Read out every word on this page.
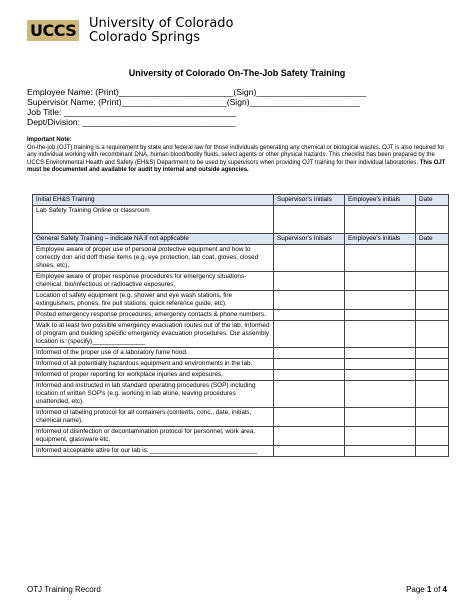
UCCS University of Colorado
Colorado Springs
University of Colorado On-The-Job Safety Training
Employee Name: (Print)________________________(Sign)_______________________
Supervisor Name: (Print)______________________(Sign)_______________________
Job Title: ____________________________________
Dept/Division: ________________________________
Important Note:
On-the-job (OJT) training is a requirement by state and federal law for those individuals generating any chemical or biological wastes. OJT is also required for any individual working with recombinant DNA, human blood/bodily fluids, select agents or other physical hazards. This checklist has been prepared by the UCCS Environmental Health and Safety (EH&S) Department to be used by supervisors when providing OJT training for their individual laboratories. This OJT must be documented and available for audit by internal and outside agencies.
Initial EH&S Training	Supervisor's Initials	Employee's initials	Date
Lab Safety Training Online or classroom			
General Safety Training – indicate NA if not applicable	Supervisor's Initials	Employee's initials	Date
Employee aware of proper use of personal protective equipment and how to correctly don and doff these items (e.g. eye protection, lab coat, gloves, closed shoes, etc).			
Employee aware of proper response procedures for emergency situations-chemical, bio/infectious or radioactive exposures.			
Location of safety equipment (e.g. shower and eye wash stations, fire extinguishers, phones, fire pull stations, quick reference guide, etc).			
Posted emergency response procedures, emergency contacts & phone numbers.			
Walk to at least two possible emergency evacuation routes out of the lab. Informed of program and building specific emergency evacuation procedures. Our assembly location is: (specify)_______________			
Informed of the proper use of a laboratory fume hood.			
Informed of all potentially hazardous equipment and environments in the lab.			
Informed of proper reporting for workplace injuries and exposures.			
Informed and instructed in lab standard operating procedures (SOP) including location of written SOP's (e.g. working in lab alone, leaving procedures unattended, etc).			
Informed of labeling protocol for all containers (contents, conc., date, initials, chemical name).			
Informed of disinfection or decontamination protocol for personnel, work area, equipment, glassware etc.			
Informed acceptable attire for our lab is: ______________________________			
OTJ Training Record	Page 1 of 4
